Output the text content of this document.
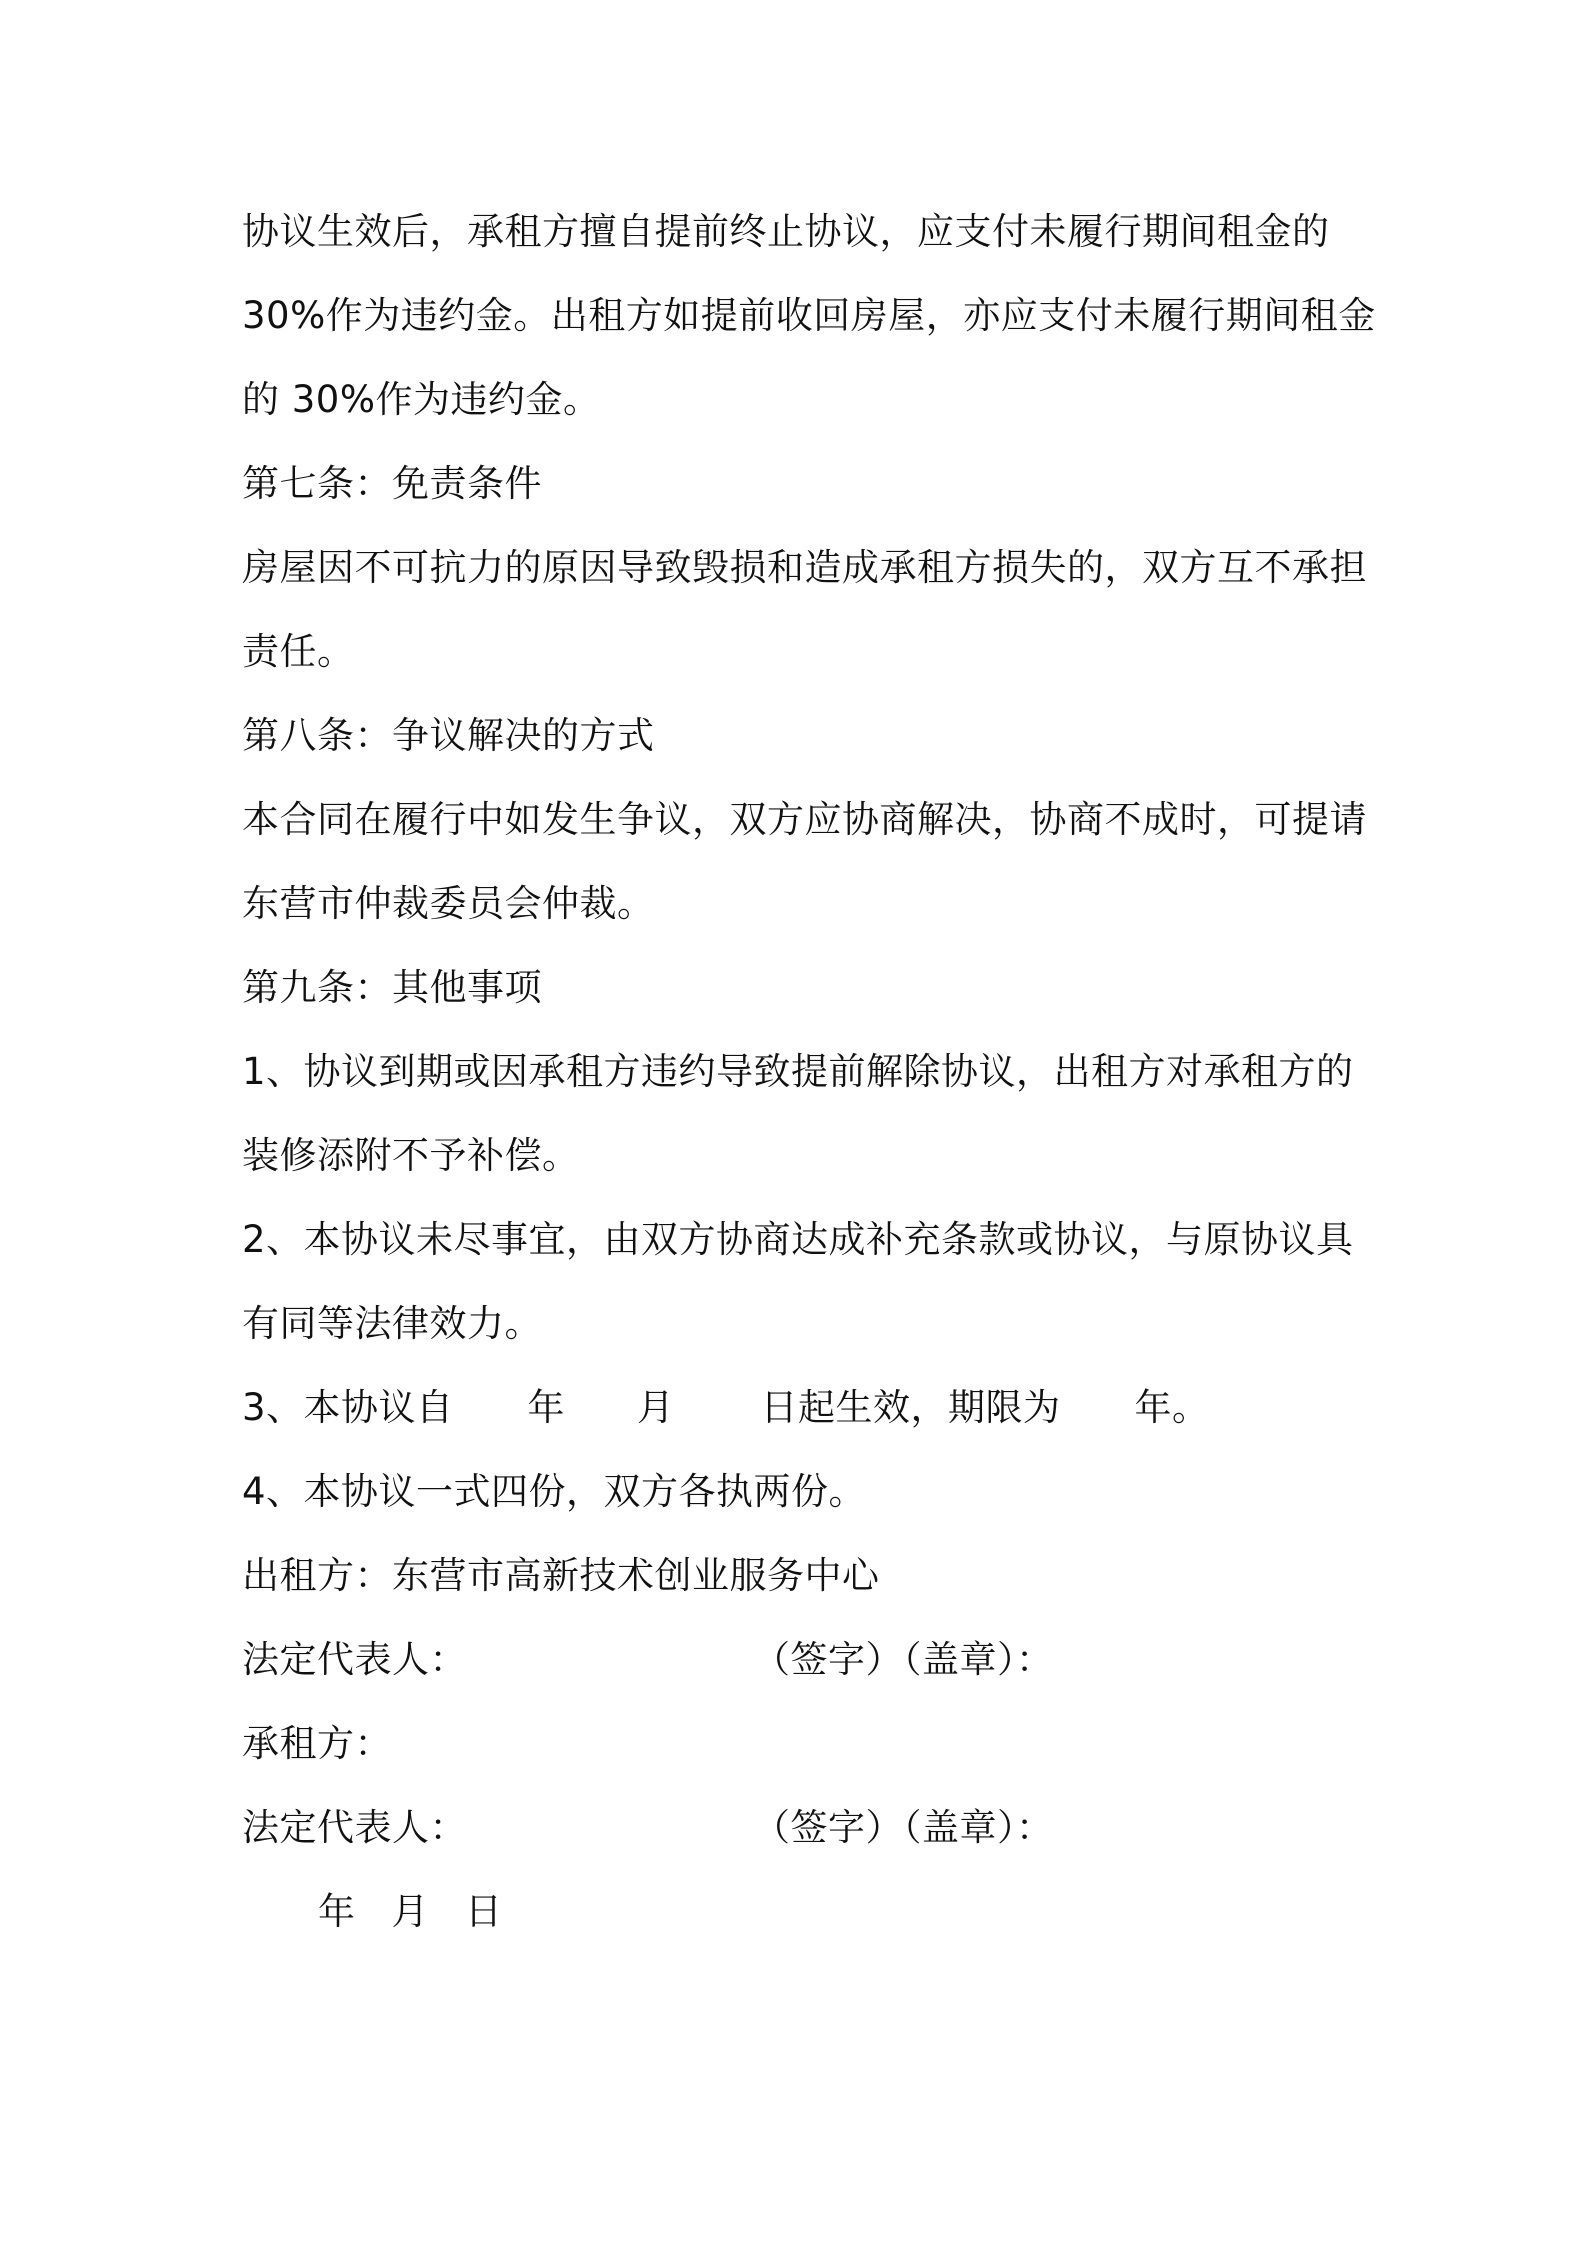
协议生效后，承租方擅自提前终止协议，应支付未履行期间租金的
30%作为违约金。出租方如提前收回房屋，亦应支付未履行期间租金
的 30%作为违约金。
第七条：免责条件
房屋因不可抗力的原因导致毁损和造成承租方损失的，双方互不承担
责任。
第八条：争议解决的方式
本合同在履行中如发生争议，双方应协商解决，协商不成时，可提请
东营市仲裁委员会仲裁。
第九条：其他事项
1、协议到期或因承租方违约导致提前解除协议，出租方对承租方的
装修添附不予补偿。
2、本协议未尽事宜，由双方协商达成补充条款或协议，与原协议具
有同等法律效力。
3、本协议自 年 月 日起生效，期限为 年。
4、本协议一式四份，双方各执两份。
出租方：东营市高新技术创业服务中心
法定代表人：	（签字）（盖章）：
承租方：
法定代表人：	（签字）（盖章）：
年 月 日
